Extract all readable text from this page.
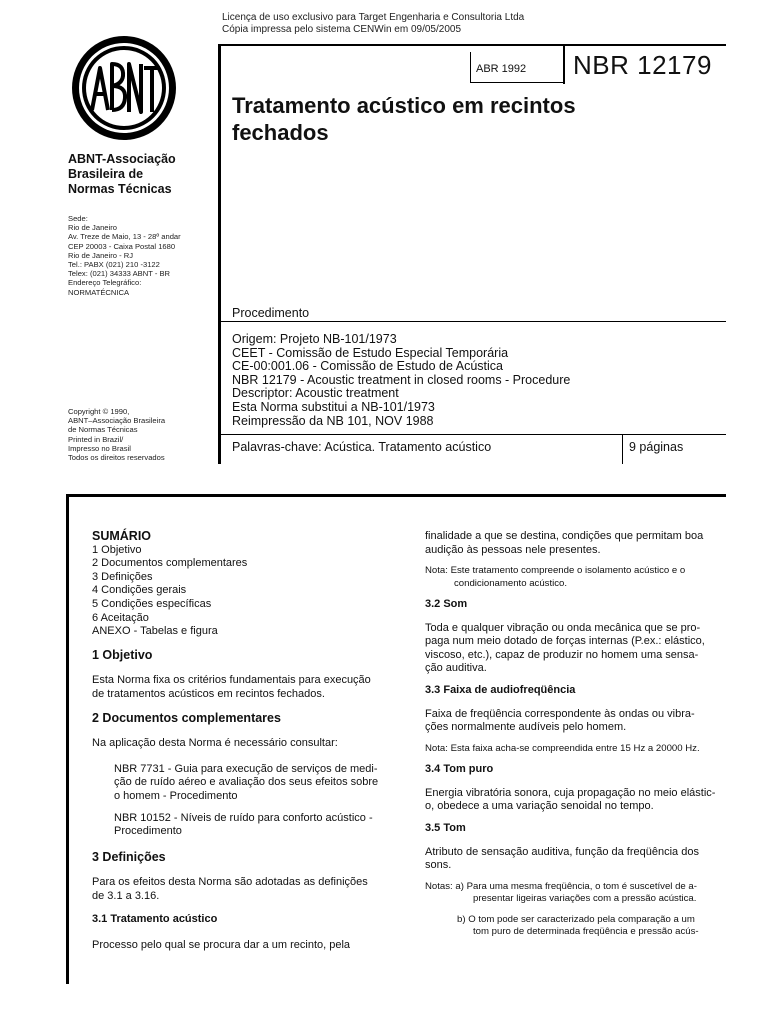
Licença de uso exclusivo para Target Engenharia e Consultoria Ltda
Cópia impressa pelo sistema CENWin em 09/05/2005
ABNT-Associação
Brasileira de
Normas Técnicas
Sede:
Rio de Janeiro
Av. Treze de Maio, 13 - 28º andar
CEP 20003 - Caixa Postal 1680
Rio de Janeiro - RJ
Tel.: PABX (021) 210 -3122
Telex: (021) 34333 ABNT - BR
Endereço Telegráfico:
NORMATÉCNICA
Copyright © 1990,
ABNT–Associação Brasileira
de Normas Técnicas
Printed in Brazil/
Impresso no Brasil
Todos os direitos reservados
ABR 1992 NBR 12179
Tratamento acústico em recintos
fechados
Procedimento
Origem: Projeto NB-101/1973
CEET - Comissão de Estudo Especial Temporária
CE-00:001.06 - Comissão de Estudo de Acústica
NBR 12179 - Acoustic treatment in closed rooms - Procedure
Descriptor: Acoustic treatment
Esta Norma substitui a NB-101/1973
Reimpressão da NB 101, NOV 1988
Palavras-chave: Acústica. Tratamento acústico	9 páginas
SUMÁRIO
1 Objetivo
2 Documentos complementares
3 Definições
4 Condições gerais
5 Condições específicas
6 Aceitação
ANEXO - Tabelas e figura
1 Objetivo
Esta Norma fixa os critérios fundamentais para execução
de tratamentos acústicos em recintos fechados.
2 Documentos complementares
Na aplicação desta Norma é necessário consultar:
NBR 7731 - Guia para execução de serviços de medi-
ção de ruído aéreo e avaliação dos seus efeitos sobre
o homem - Procedimento
NBR 10152 - Níveis de ruído para conforto acústico -
Procedimento
3 Definições
Para os efeitos desta Norma são adotadas as definições
de 3.1 a 3.16.
3.1 Tratamento acústico
Processo pelo qual se procura dar a um recinto, pela
finalidade a que se destina, condições que permitam boa
audição às pessoas nele presentes.
Nota: Este tratamento compreende o isolamento acústico e o
condicionamento acústico.
3.2 Som
Toda e qualquer vibração ou onda mecânica que se pro-
paga num meio dotado de forças internas (P.ex.: elástico,
viscoso, etc.), capaz de produzir no homem uma sensa-
ção auditiva.
3.3 Faixa de audiofreqüência
Faixa de freqüência correspondente às ondas ou vibra-
ções normalmente audíveis pelo homem.
Nota: Esta faixa acha-se compreendida entre 15 Hz a 20000 Hz.
3.4 Tom puro
Energia vibratória sonora, cuja propagação no meio elástic-
o, obedece a uma variação senoidal no tempo.
3.5 Tom
Atributo de sensação auditiva, função da freqüência dos
sons.
Notas: a) Para uma mesma freqüência, o tom é suscetível de a-
presentar ligeiras variações com a pressão acústica.
b) O tom pode ser caracterizado pela comparação a um
tom puro de determinada freqüência e pressão acús-
